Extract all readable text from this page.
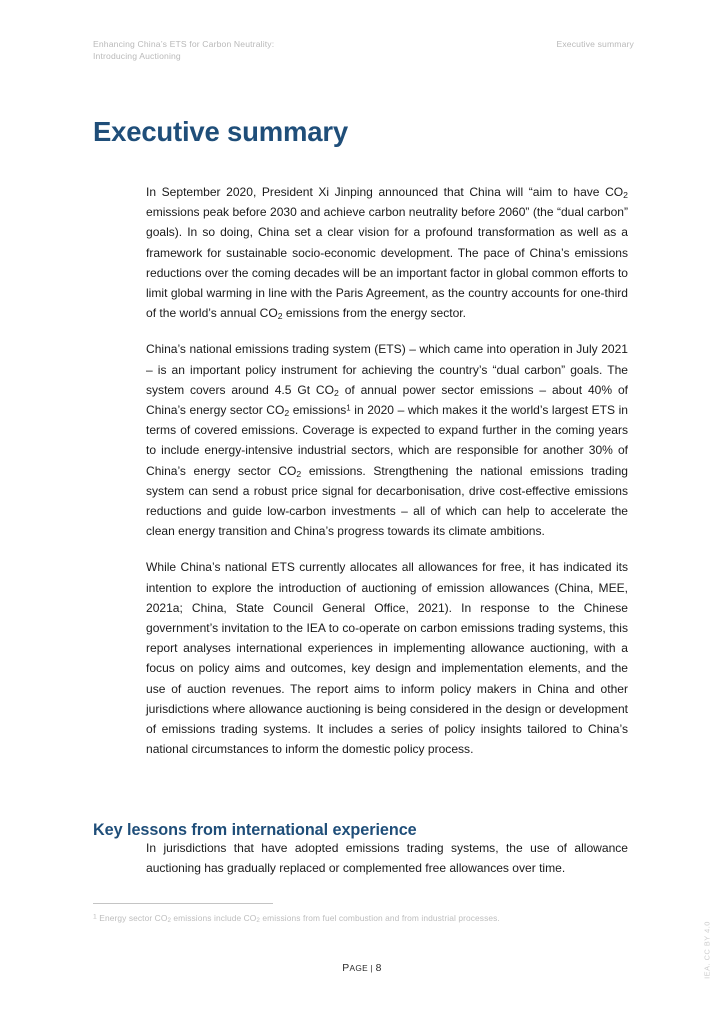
Enhancing China’s ETS for Carbon Neutrality:
Introducing Auctioning
Executive summary
Executive summary

In September 2020, President Xi Jinping announced that China will “aim to have $CO_2$ emissions peak before 2030 and achieve carbon neutrality before 2060” (the “dual carbon” goals). In so doing, China set a clear vision for a profound transformation as well as a framework for sustainable socio-economic development. The pace of China’s emissions reductions over the coming decades will be an important factor in global common efforts to limit global warming in line with the Paris Agreement, as the country accounts for one-third of the world’s annual $CO_2$ emissions from the energy sector.

China’s national emissions trading system (ETS) – which came into operation in July 2021 – is an important policy instrument for achieving the country’s “dual carbon” goals. The system covers around 4.5 Gt $CO_2$ of annual power sector emissions – about 40% of China’s energy sector $CO_2$ emissions$^1$ in 2020 – which makes it the world’s largest ETS in terms of covered emissions. Coverage is expected to expand further in the coming years to include energy-intensive industrial sectors, which are responsible for another 30% of China’s energy sector $CO_2$ emissions. Strengthening the national emissions trading system can send a robust price signal for decarbonisation, drive cost-effective emissions reductions and guide low-carbon investments – all of which can help to accelerate the clean energy transition and China’s progress towards its climate ambitions.

While China’s national ETS currently allocates all allowances for free, it has indicated its intention to explore the introduction of auctioning of emission allowances (China, MEE, 2021a; China, State Council General Office, 2021). In response to the Chinese government’s invitation to the IEA to co-operate on carbon emissions trading systems, this report analyses international experiences in implementing allowance auctioning, with a focus on policy aims and outcomes, key design and implementation elements, and the use of auction revenues. The report aims to inform policy makers in China and other jurisdictions where allowance auctioning is being considered in the design or development of emissions trading systems. It includes a series of policy insights tailored to China’s national circumstances to inform the domestic policy process.

Key lessons from international experience

In jurisdictions that have adopted emissions trading systems, the use of allowance auctioning has gradually replaced or complemented free allowances over time.

$^1$ Energy sector $CO_2$ emissions include $CO_2$ emissions from fuel combustion and from industrial processes.
PAGE | 8	IEA. CC BY 4.0
